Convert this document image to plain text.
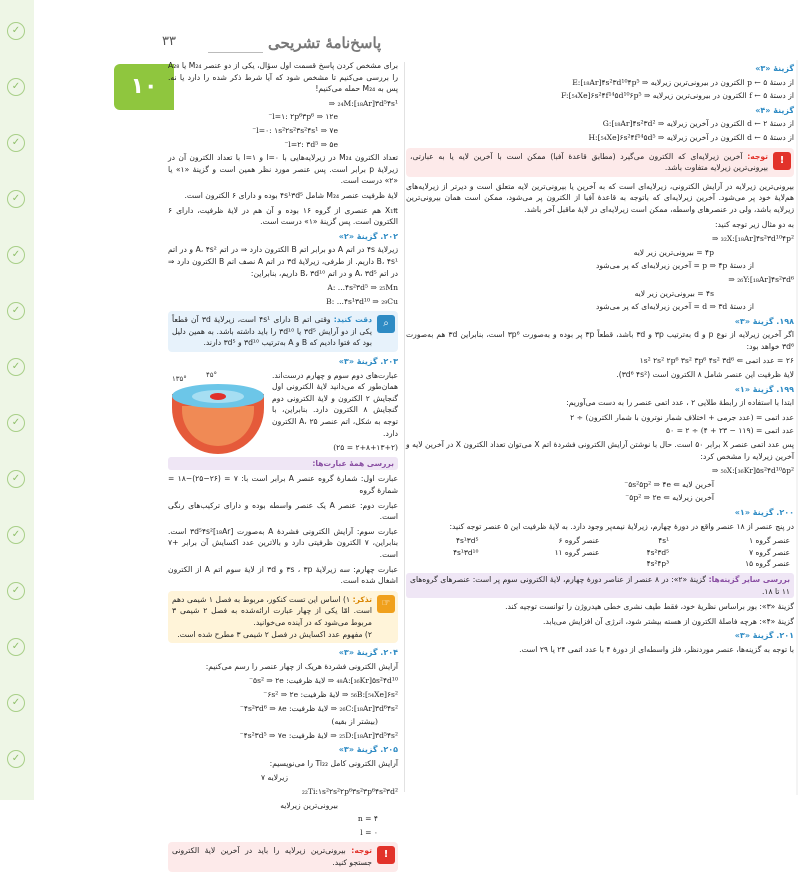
✓
✓
✓
✓
✓
✓
✓
✓
✓
✓
✓
✓
✓
✓
۳۳	پاسخ‌نامهٔ تشریحی
۱۰
گزینهٔ «۳»
از دستهٔ p ← ۵ الکترون در بیرونی‌ترین زیرلایه ⇒ E:[₁₈Ar]۴s²۳d¹⁰۴p⁵
از دستهٔ f ← ۵ الکترون در بیرونی‌ترین زیرلایه ⇒ F:[₅₄Xe]۶s²۴f¹⁴۵d¹⁰۶p⁵
گزینهٔ «۴»
از دستهٔ d ← ۲ الکترون در آخرین زیرلایه ⇒ G:[₁₈Ar]۴s²۳d²
از دستهٔ d ← ۵ الکترون در آخرین زیرلایه ⇒ H:[₅₄Xe]۶s²۴f¹⁴۵d⁵
!
توجه: آخرین زیرلایه‌ای که الکترون می‌گیرد (مطابق قاعدهٔ آفبا) ممکن است با آخرین لایه یا به عبارتی، بیرونی‌ترین زیرلایه متفاوت باشد.
بیرونی‌ترین زیرلایه در آرایش الکترونی، زیرلایه‌ای است که به آخرین یا بیرونی‌ترین لایه متعلق است و دیرتر از زیرلایه‌های هم‌لایهٔ خود پر می‌شود. آخرین زیرلایه‌ای که باتوجه به قاعدهٔ آفبا از الکترون پر می‌شود، ممکن است همان بیرونی‌ترین زیرلایه باشد، ولی در عنصرهای واسطه، ممکن است زیرلایه‌ای در لایهٔ ماقبل آخر باشد.
به دو مثال زیر توجه کنید:
₃₂X:[₁₈Ar]۴s²۳d¹⁰۴p² ⇒
۴p = بیرونی‌ترین زیر لایه
از دستهٔ p ⇒ ۴p = آخرین زیرلایه‌ای که پر می‌شود
₂₆Y:[₁₈Ar]۴s²۳d⁶ ⇒
۴s = بیرونی‌ترین زیر لایه
از دستهٔ d ⇒ ۳d = آخرین زیرلایه‌ای که پر می‌شود
۱۹۸. گزینهٔ «۳»
اگر آخرین زیرلایه از نوع p و d به‌ترتیب ۳p و ۳d باشد، قطعاً ۳p پر بوده و به‌صورت ۳p⁶ است، بنابراین ۳d هم به‌صورت ۳d⁶ خواهد بود:
۲۶ = عدد اتمی ⇐ ۱s² ۲s² ۲p⁶ ۳s² ۳p⁶ ۴s² ۳d⁶
لایهٔ ظرفیت این عنصر شامل ۸ الکترون است (۳d⁶ ۴s²).
۱۹۹. گزینهٔ «۱»
ابتدا با استفاده از رابطهٔ طلایی ۲ ، عدد اتمی عنصر را به دست می‌آوریم:
عدد اتمی = (عدد جرمی + اختلاف شمار نوترون با شمار الکترون) ÷ ۲
عدد اتمی = (۱۱۹ − ۲۳ + ۴) ÷ ۲ = ۵۰
پس عدد اتمی عنصر X برابر ۵۰ است. حال با نوشتن آرایش الکترونی فشردهٔ اتم X می‌توان تعداد الکترون X در آخرین لایه و آخرین زیرلایه را مشخص کرد:
₅₀X:[₃₆Kr]۵s²۴d¹⁰۵p² ⇒
آخرین لایه ⇐ ۵s²۵p² ⇒ ۴e⁻
آخرین زیرلایه ⇐ ۵p² ⇒ ۲e⁻
۲۰۰. گزینهٔ «۱»
در پنج عنصر از ۱۸ عنصر واقع در دورهٔ چهارم، زیرلایهٔ نیمه‌پر وجود دارد. به لایهٔ ظرفیت این ۵ عنصر توجه کنید:
عنصر گروه ۱	۴s¹	عنصر گروه ۶	۴s¹۳d⁵
عنصر گروه ۷	۴s²۳d⁵	عنصر گروه ۱۱	۴s¹۳d¹⁰
عنصر گروه ۱۵	۴s²۴p³		
بررسی سایر گزینه‌ها: گزینهٔ «۲»: در ۸ عنصر از عناصر دورهٔ چهارم، لایهٔ الکترونی سوم پر است: عنصرهای گروه‌های ۱۱ تا ۱۸.
گزینهٔ «۳»: بور براساس نظریهٔ خود، فقط طیف نشری خطی هیدروژن را توانست توجیه کند.
گزینهٔ «۴»: هرچه فاصلهٔ الکترون از هسته بیشتر شود، انرژی آن افزایش می‌یابد.
۲۰۱. گزینهٔ «۳»
با توجه به گزینه‌ها، عنصر موردنظر، فلز واسطه‌ای از دورهٔ ۴ با عدد اتمی ۲۴ یا ۲۹ است.
برای مشخص کردن پاسخ قسمت اول سؤال، یکی از دو عنصر M₂₄ یا A₂₈ را بررسی می‌کنیم تا مشخص شود که آیا شرط ذکر شده را دارد یا نه. پس به M₂₄ حمله می‌کنیم!
₂₄M:[₁₈Ar]۳d⁵۴s¹ ⇒
l=۱: ۲p⁶۳p⁶ ⇒ ۱۲e⁻
l=۰: ۱s²۲s²۳s²۴s¹ ⇒ ۷e⁻
l=۲: ۳d⁵ ⇒ ۵e⁻
تعداد الکترون M₂₄ در زیرلایه‌هایی با l=۰ و l=۱ با تعداد الکترون آن در زیرلایهٔ p برابر است. پس عنصر مورد نظر همین است و گزینهٔ «۱» یا «۲» درست است.
لایهٔ ظرفیت عنصر M₂₄ شامل ۴s¹۳d⁵ بوده و دارای ۶ الکترون است.
X₁₶ هم عنصری از گروه ۱۶ بوده و آن هم در لایهٔ ظرفیت، دارای ۶ الکترون است. پس گزینهٔ «۱» درست است.
۲۰۲. گزینهٔ «۲»
زیرلایهٔ ۴s در اتم A دو برابر اتم B الکترون دارد ⇒ در اتم A، ۴s² و در اتم B، ۴s¹ داریم. از طرفی، زیرلایهٔ ۳d در اتم A نصف اتم B الکترون دارد ⇒ در اتم A، ۳d⁵ و در اتم B، ۳d¹⁰ داریم، بنابراین:
A: ...۴s²۳d⁵ ⇒ ₂₅Mn
B: ...۴s¹۳d¹⁰ ⇒ ₂₉Cu
⌕
دقت کنید: وقتی اتم B دارای ۴s¹ است، زیرلایهٔ ۳d آن قطعاً یکی از دو آرایش ۳d⁵ یا ۳d¹⁰ را باید داشته باشد. به همین دلیل بود که فتوا دادیم که B و A به‌ترتیب ۳d¹⁰ و ۳d⁵ دارند.
۲۰۳. گزینهٔ «۳»
۱۳۵°	۴۵°	عبارت‌های دوم سوم و چهارم درست‌اند. همان‌طور که می‌دانید لایهٔ الکترونی اول گنجایش ۲ الکترون و لایهٔ الکترونی دوم گنجایش ۸ الکترون دارد. بنابراین، با توجه به شکل، اتم عنصر A، ۲۵ الکترون دارد.
(۲+۸+۱۳+۲ = ۲۵)
بررسی همهٔ عبارت‌ها:
عبارت اول: شمارهٔ گروه عنصر A برابر است با: ۷ = (۲۶−۲۵)−۱۸ = شمارهٔ گروه
عبارت دوم: عنصر A یک عنصر واسطه بوده و دارای ترکیب‌های رنگی است.
عبارت سوم: آرایش الکترونی فشردهٔ A به‌صورت ۳d⁵۴s²[₁₈Ar] است. بنابراین، ۷ الکترون ظرفیتی دارد و بالاترین عدد اکسایش آن برابر +۷ است.
عبارت چهارم: سه زیرلایهٔ ۳s ، ۳p و ۳d از لایهٔ سوم اتم A از الکترون اشغال شده است.
☞
تذکر: ۱) اساس این تست کنکور، مربوط به فصل ۱ شیمی دهم است. امّا یکی از چهار عبارت ارائه‌شده به فصل ۲ شیمی ۳ مربوط می‌شود که در آینده می‌خوانید.
۲) مفهوم عدد اکسایش در فصل ۲ شیمی ۳ مطرح شده است.
۲۰۴. گزینهٔ «۳»
آرایش الکترونی فشردهٔ هریک از چهار عنصر را رسم می‌کنیم:
₄₈A:[₃₆Kr]۵s²۴d¹⁰ ⇒ لایهٔ ظرفیت: ۵s² ⇒ ۲e⁻
₅₆B:[₅₄Xe]۶s² ⇒ لایهٔ ظرفیت: ۶s² ⇒ ۲e⁻
₂₆C:[₁₈Ar]۳d⁶۴s² ⇒ لایهٔ ظرفیت: ۴s²۳d⁶ ⇒ ۸e⁻
(بیشتر از بقیه)
₂₅D:[₁₈Ar]۳d⁵۴s² ⇒ لایهٔ ظرفیت: ۴s²۳d⁵ ⇒ ۷e⁻
۲۰۵. گزینهٔ «۳»
آرایش الکترونی کامل Ti₂₂ را می‌نویسیم:
زیرلایه ۷
₂₂Ti:۱s²۲s²۲p⁶۳s²۳p⁶۴s²۳d²
بیرونی‌ترین زیرلایه
n = ۴
l = ۰
!
توجه: بیرونی‌ترین زیرلایه را باید در آخرین لایهٔ الکترونی جستجو کنید.
